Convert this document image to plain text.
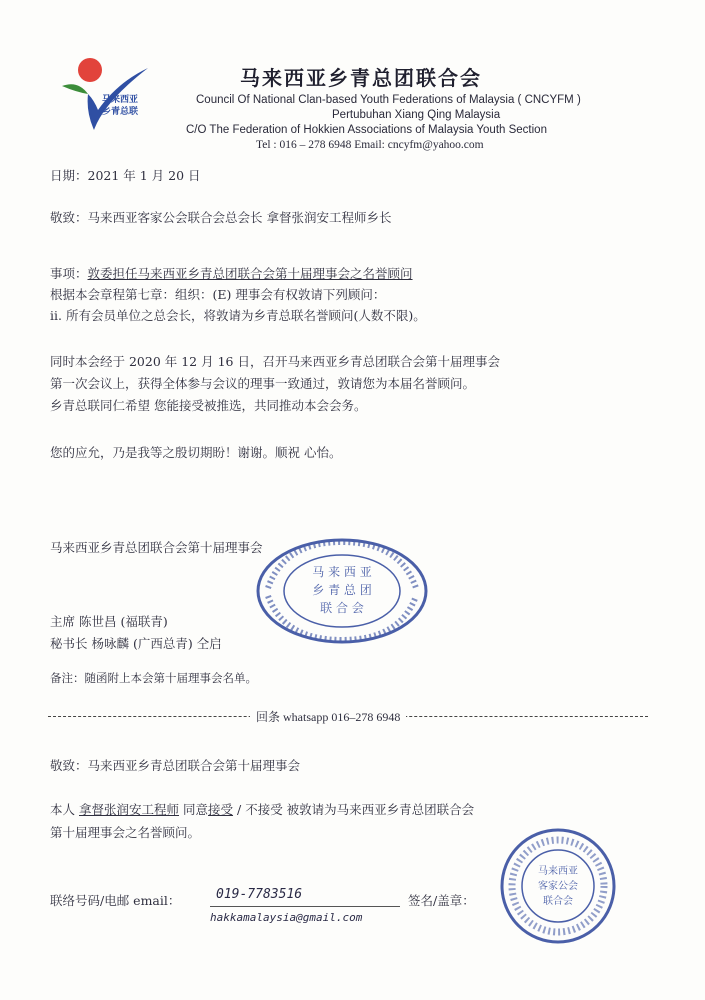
马来西亚
乡青总联
马来西亚乡青总团联合会
Council Of National Clan-based Youth Federations of Malaysia ( CNCYFM )
Pertubuhan Xiang Qing Malaysia
C/O The Federation of Hokkien Associations of Malaysia Youth Section
Tel : 016 – 278 6948 Email: cncyfm@yahoo.com
日期：2021 年 1 月 20 日
敬致：马来西亚客家公会联合会总会长 拿督张润安工程师乡长
事项：敦委担任马来西亚乡青总团联合会第十届理事会之名誉顾问
根据本会章程第七章：组织：(E) 理事会有权敦请下列顾问：
ii. 所有会员单位之总会长，将敦请为乡青总联名誉顾问(人数不限)。
同时本会经于 2020 年 12 月 16 日，召开马来西亚乡青总团联合会第十届理事会
第一次会议上，获得全体参与会议的理事一致通过，敦请您为本届名誉顾问。
乡青总联同仁希望 您能接受被推选，共同推动本会会务。
您的应允，乃是我等之殷切期盼！谢谢。顺祝 心怡。
马来西亚乡青总团联合会第十届理事会
马 来 西 亚
乡 青 总 团
联 合 会
主席 陈世昌 (福联青)
秘书长 杨咏麟 (广西总青) 仝启
备注：随函附上本会第十届理事会名单。
回条 whatsapp 016–278 6948
敬致：马来西亚乡青总团联合会第十届理事会
本人 拿督张润安工程师 同意接受 / 不接受 被敦请为马来西亚乡青总团联合会
第十届理事会之名誉顾问。
联络号码/电邮 email：	019-7783516
hakkamalaysia@gmail.com
签名/盖章：
马来西亚
客家公会
联合会
